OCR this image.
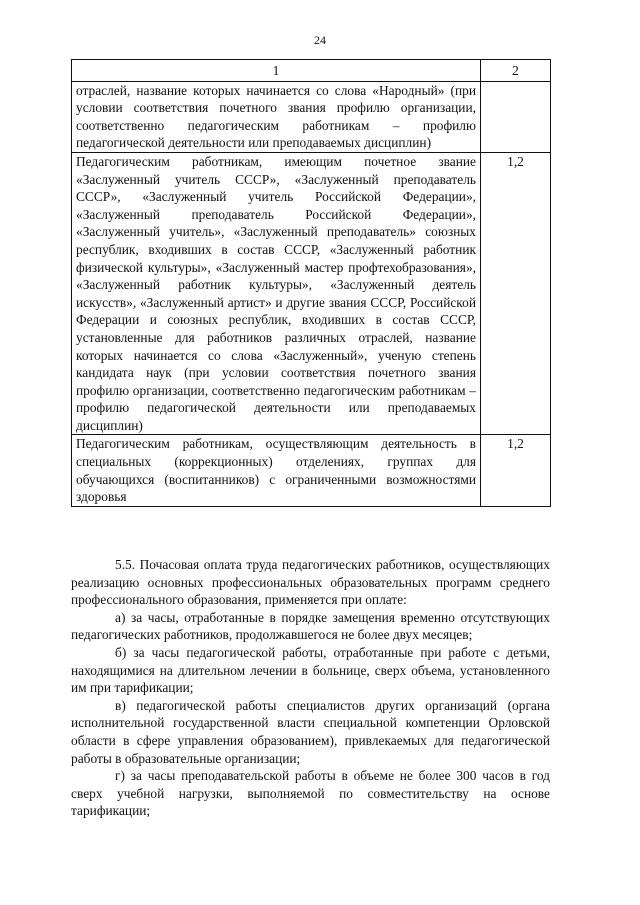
24
1	2
отраслей, название которых начинается со слова «Народный» (при условии соответствия почетного звания профилю организации, соответственно педагогическим работникам – профилю педагогической деятельности или преподаваемых дисциплин)	
Педагогическим работникам, имеющим почетное звание «Заслуженный учитель СССР», «Заслуженный преподаватель СССР», «Заслуженный учитель Российской Федерации», «Заслуженный преподаватель Российской Федерации», «Заслуженный учитель», «Заслуженный преподаватель» союзных республик, входивших в состав СССР, «Заслуженный работник физической культуры», «Заслуженный мастер профтехобразования», «Заслуженный работник культуры», «Заслуженный деятель искусств», «Заслуженный артист» и другие звания СССР, Российской Федерации и союзных республик, входивших в состав СССР, установленные для работников различных отраслей, название которых начинается со слова «Заслуженный», ученую степень кандидата наук (при условии соответствия почетного звания профилю организации, соответственно педагогическим работникам – профилю педагогической деятельности или преподаваемых дисциплин)	1,2
Педагогическим работникам, осуществляющим деятельность в специальных (коррекционных) отделениях, группах для обучающихся (воспитанников) с ограниченными возможностями здоровья	1,2

5.5. Почасовая оплата труда педагогических работников, осуществляющих реализацию основных профессиональных образовательных программ среднего профессионального образования, применяется при оплате:

а) за часы, отработанные в порядке замещения временно отсутствующих педагогических работников, продолжавшегося не более двух месяцев;

б) за часы педагогической работы, отработанные при работе с детьми, находящимися на длительном лечении в больнице, сверх объема, установленного им при тарификации;

в) педагогической работы специалистов других организаций (органа исполнительной государственной власти специальной компетенции Орловской области в сфере управления образованием), привлекаемых для педагогической работы в образовательные организации;

г) за часы преподавательской работы в объеме не более 300 часов в год сверх учебной нагрузки, выполняемой по совместительству на основе тарификации;
